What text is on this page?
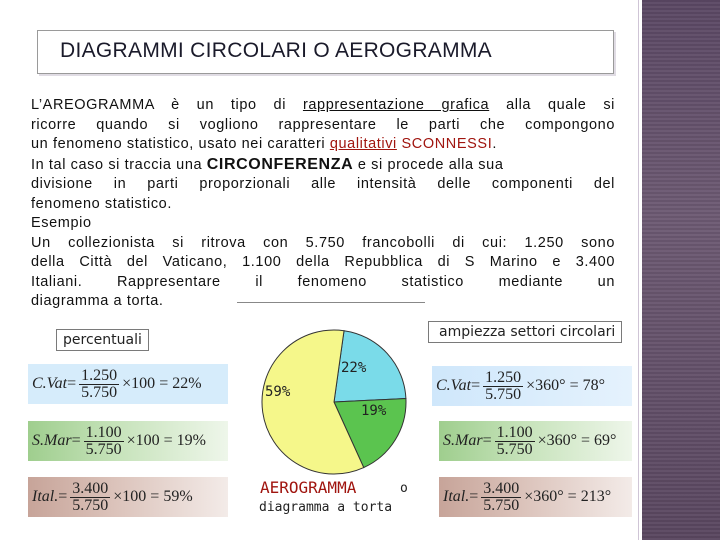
DIAGRAMMI CIRCOLARI O AEROGRAMMA
L’AREOGRAMMA è un tipo di rappresentazione grafica alla quale si
ricorre quando si vogliono rappresentare le parti che compongono
un fenomeno statistico, usato nei caratteri qualitativi SCONNESSI.
In tal caso si traccia una CIRCONFERENZA e si procede alla sua
divisione in parti proporzionali alle intensità delle componenti del
fenomeno statistico.
Esempio
Un collezionista si ritrova con 5.750 francobolli di cui: 1.250 sono
della Città del Vaticano, 1.100 della Repubblica di S Marino e 3.400
Italiani. Rappresentare il fenomeno statistico mediante un
diagramma a torta.
percentuali	ampiezza settori circolari
$C.Vat = \frac{1.250}{5.750} \times 100 = 22\%$
$S.Mar = \frac{1.100}{5.750} \times 100 = 19\%$
Ital. = $\frac{3.400}{5.750} \times 100 = 59\%$
$C.Vat = \frac{1.250}{5.750} \times 360^\circ = 78^\circ$
$S.Mar = \frac{1.100}{5.750} \times 360^\circ = 69^\circ$
Ital. = $\frac{3.400}{5.750} \times 360^\circ = 213^\circ$
22%
19%
59%
AEROGRAMMA	o
diagramma a torta
